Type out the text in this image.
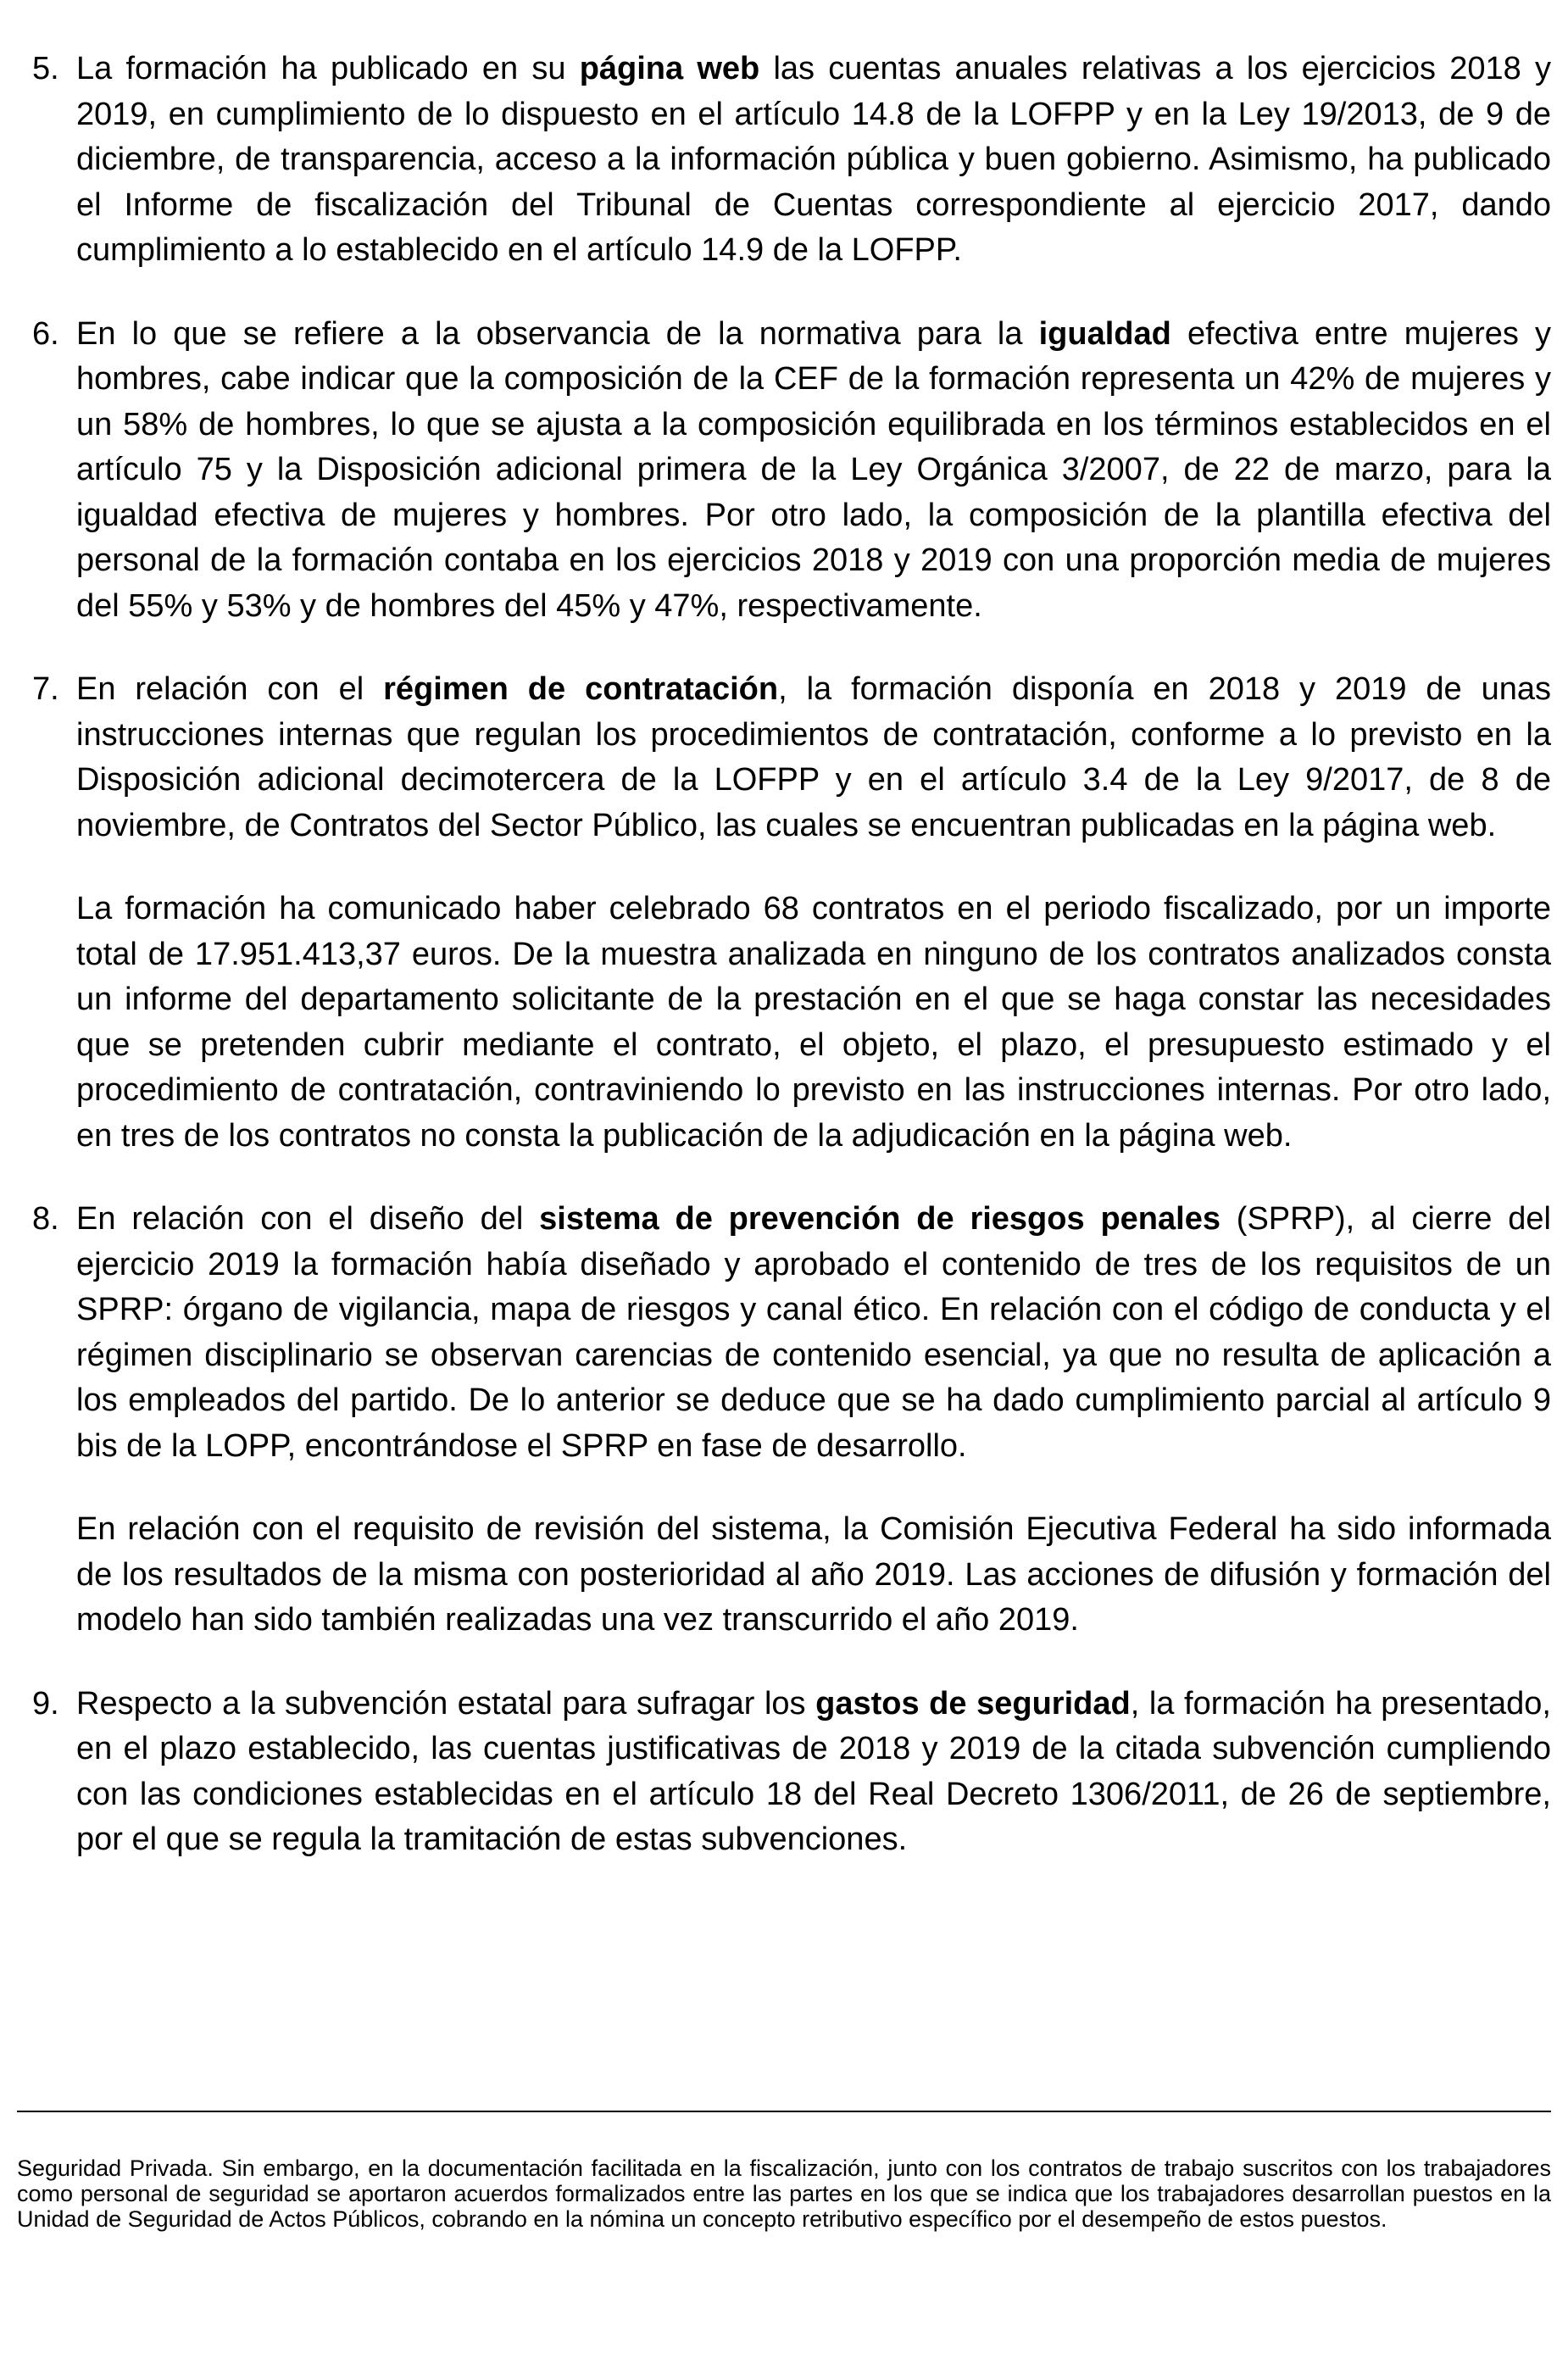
5. La formación ha publicado en su página web las cuentas anuales relativas a los ejercicios 2018 y 2019, en cumplimiento de lo dispuesto en el artículo 14.8 de la LOFPP y en la Ley 19/2013, de 9 de diciembre, de transparencia, acceso a la información pública y buen gobierno. Asimismo, ha publicado el Informe de fiscalización del Tribunal de Cuentas correspondiente al ejercicio 2017, dando cumplimiento a lo establecido en el artículo 14.9 de la LOFPP.

6. En lo que se refiere a la observancia de la normativa para la igualdad efectiva entre mujeres y hombres, cabe indicar que la composición de la CEF de la formación representa un 42% de mujeres y un 58% de hombres, lo que se ajusta a la composición equilibrada en los términos establecidos en el artículo 75 y la Disposición adicional primera de la Ley Orgánica 3/2007, de 22 de marzo, para la igualdad efectiva de mujeres y hombres. Por otro lado, la composición de la plantilla efectiva del personal de la formación contaba en los ejercicios 2018 y 2019 con una proporción media de mujeres del 55% y 53% y de hombres del 45% y 47%, respectivamente.

7. En relación con el régimen de contratación, la formación disponía en 2018 y 2019 de unas instrucciones internas que regulan los procedimientos de contratación, conforme a lo previsto en la Disposición adicional decimotercera de la LOFPP y en el artículo 3.4 de la Ley 9/2017, de 8 de noviembre, de Contratos del Sector Público, las cuales se encuentran publicadas en la página web.

La formación ha comunicado haber celebrado 68 contratos en el periodo fiscalizado, por un importe total de 17.951.413,37 euros. De la muestra analizada en ninguno de los contratos analizados consta un informe del departamento solicitante de la prestación en el que se haga constar las necesidades que se pretenden cubrir mediante el contrato, el objeto, el plazo, el presupuesto estimado y el procedimiento de contratación, contraviniendo lo previsto en las instrucciones internas. Por otro lado, en tres de los contratos no consta la publicación de la adjudicación en la página web.

8. En relación con el diseño del sistema de prevención de riesgos penales (SPRP), al cierre del ejercicio 2019 la formación había diseñado y aprobado el contenido de tres de los requisitos de un SPRP: órgano de vigilancia, mapa de riesgos y canal ético. En relación con el código de conducta y el régimen disciplinario se observan carencias de contenido esencial, ya que no resulta de aplicación a los empleados del partido. De lo anterior se deduce que se ha dado cumplimiento parcial al artículo 9 bis de la LOPP, encontrándose el SPRP en fase de desarrollo.

En relación con el requisito de revisión del sistema, la Comisión Ejecutiva Federal ha sido informada de los resultados de la misma con posterioridad al año 2019. Las acciones de difusión y formación del modelo han sido también realizadas una vez transcurrido el año 2019.

9. Respecto a la subvención estatal para sufragar los gastos de seguridad, la formación ha presentado, en el plazo establecido, las cuentas justificativas de 2018 y 2019 de la citada subvención cumpliendo con las condiciones establecidas en el artículo 18 del Real Decreto 1306/2011, de 26 de septiembre, por el que se regula la tramitación de estas subvenciones.

Seguridad Privada. Sin embargo, en la documentación facilitada en la fiscalización, junto con los contratos de trabajo suscritos con los trabajadores como personal de seguridad se aportaron acuerdos formalizados entre las partes en los que se indica que los trabajadores desarrollan puestos en la Unidad de Seguridad de Actos Públicos, cobrando en la nómina un concepto retributivo específico por el desempeño de estos puestos.
